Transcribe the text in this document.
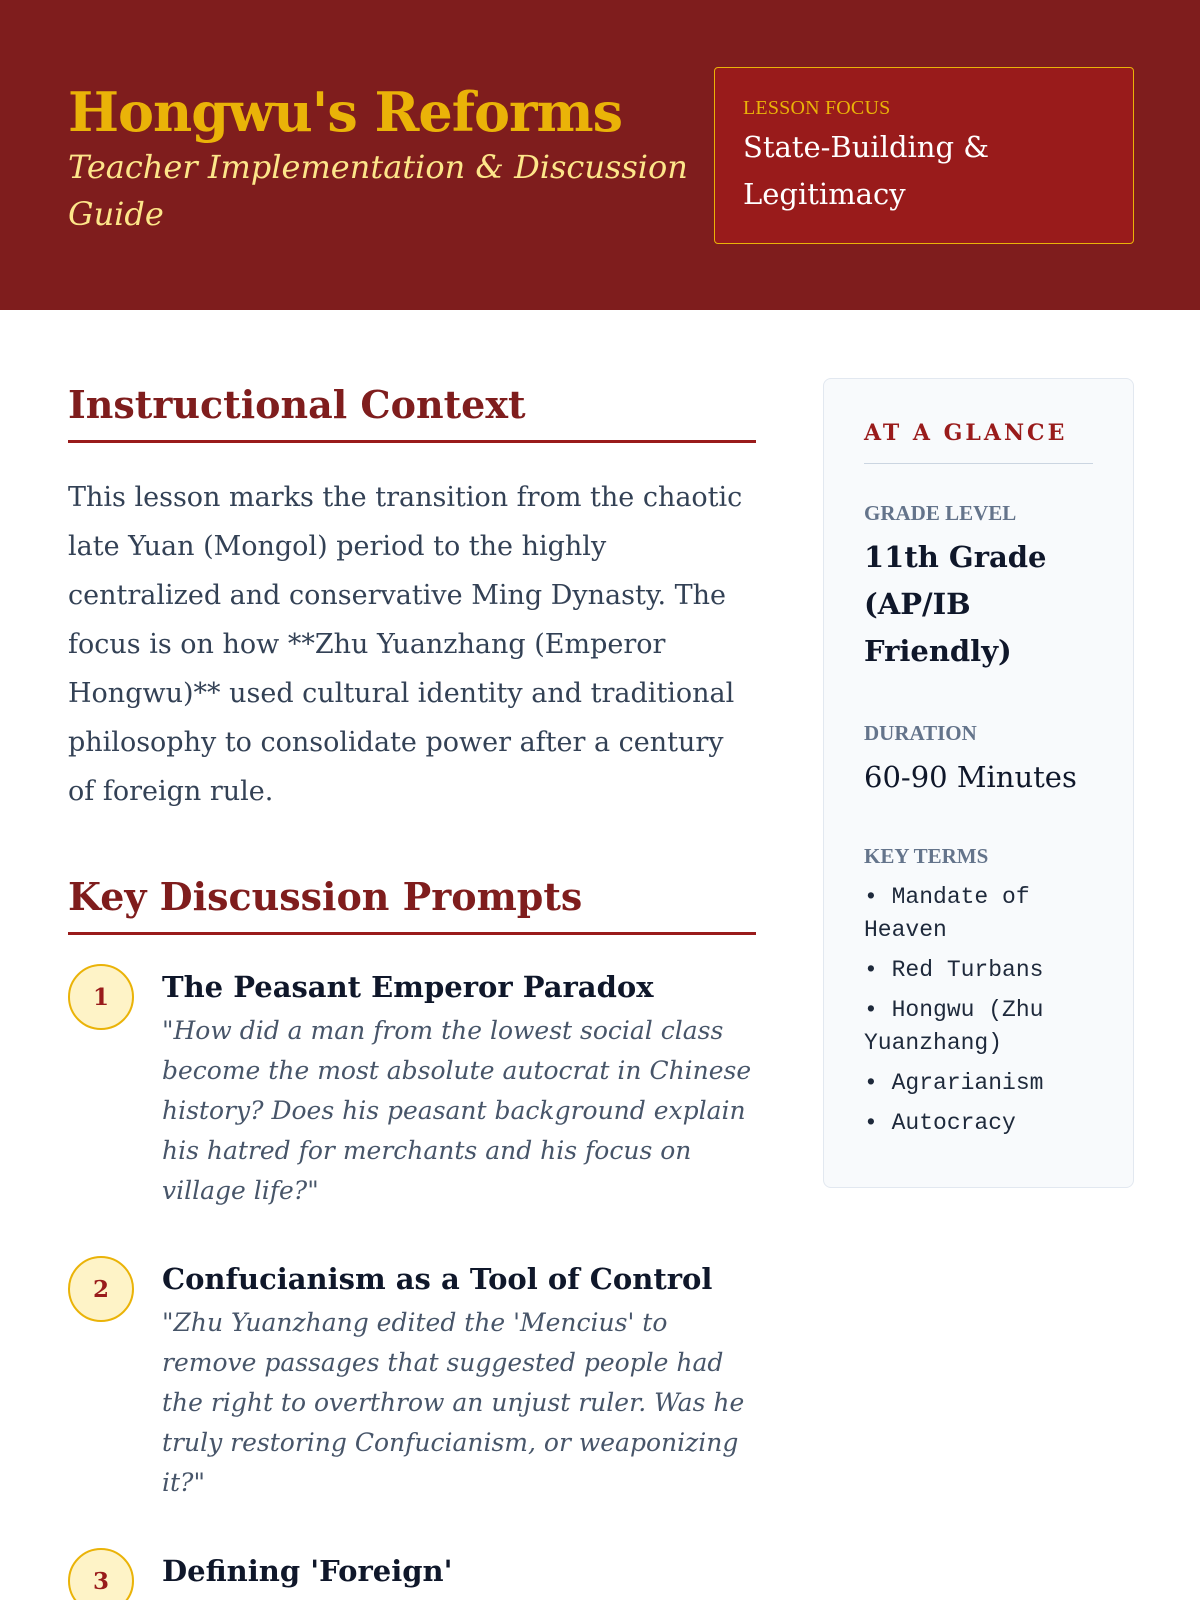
Hongwu's Reforms
Teacher Implementation & Discussion Guide
LESSON FOCUS
State-Building & Legitimacy
Instructional Context

This lesson marks the transition from the chaotic late Yuan (Mongol) period to the highly centralized and conservative Ming Dynasty. The focus is on how **Zhu Yuanzhang (Emperor Hongwu)** used cultural identity and traditional philosophy to consolidate power after a century of foreign rule.

Key Discussion Prompts
1	The Peasant Emperor Paradox
"How did a man from the lowest social class become the most absolute autocrat in Chinese history? Does his peasant background explain his hatred for merchants and his focus on village life?"
2	Confucianism as a Tool of Control
"Zhu Yuanzhang edited the 'Mencius' to remove passages that suggested people had the right to overthrow an unjust ruler. Was he truly restoring Confucianism, or weaponizing it?"
3	Defining 'Foreign'
AT A GLANCE
GRADE LEVEL
11th Grade (AP/IB Friendly)
DURATION
60-90 Minutes
KEY TERMS
• Mandate of Heaven
• Red Turbans
• Hongwu (Zhu Yuanzhang)
• Agrarianism
• Autocracy
